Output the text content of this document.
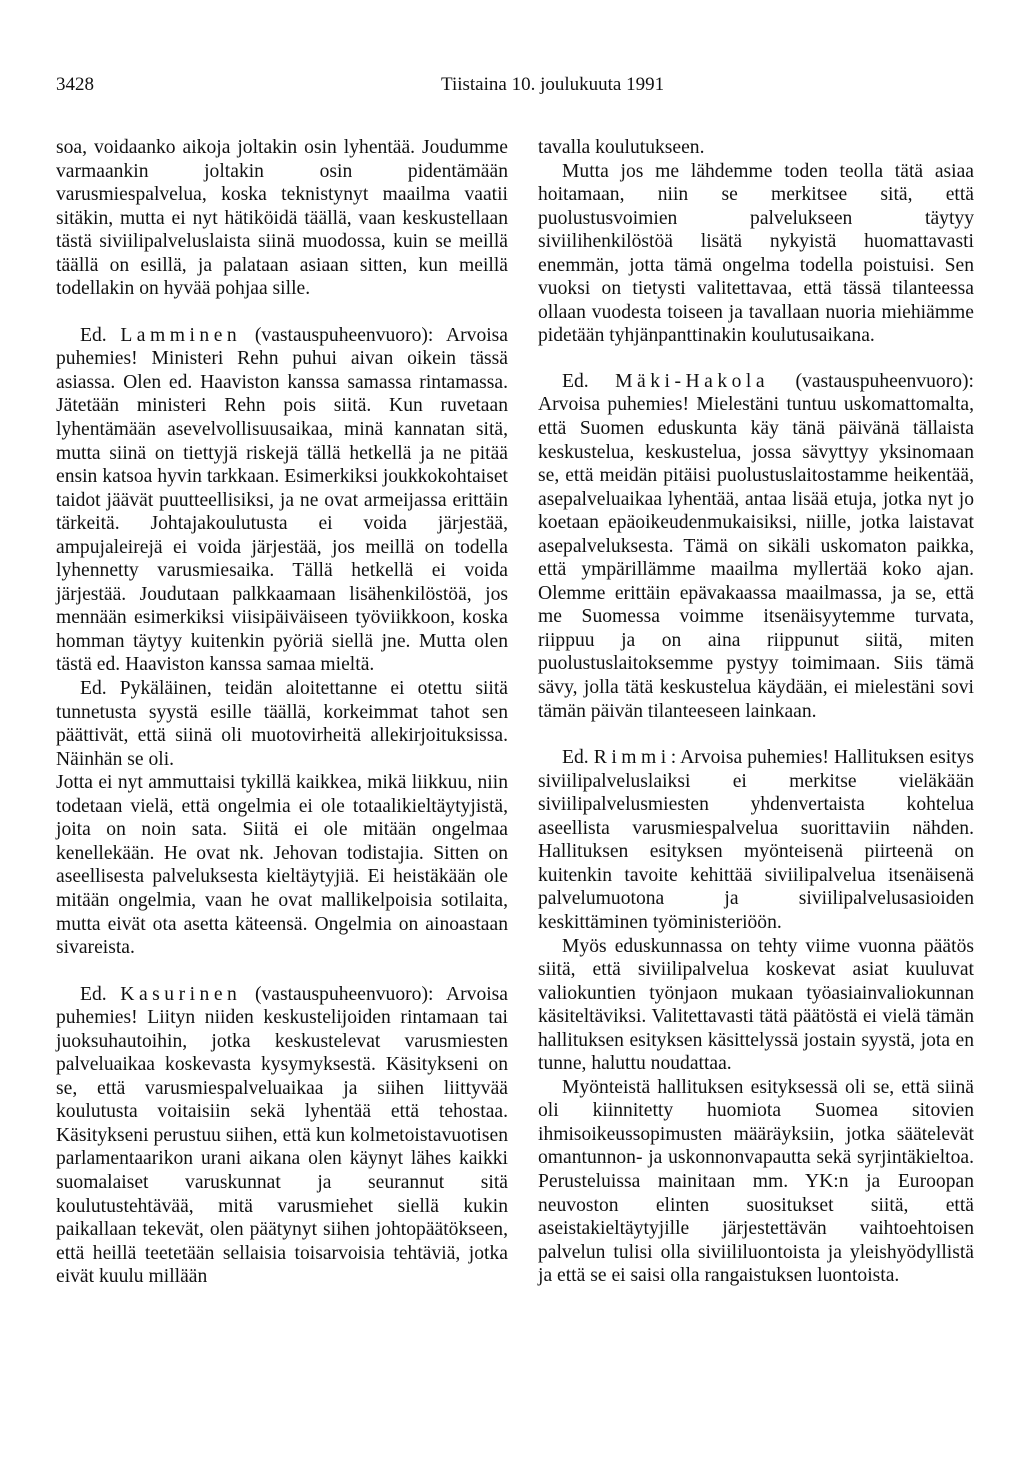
3428	Tiistaina 10. joulukuuta 1991

soa, voidaanko aikoja joltakin osin lyhentää. Joudumme varmaankin joltakin osin pidentämään varusmiespalvelua, koska teknistynyt maailma vaatii sitäkin, mutta ei nyt hätiköidä täällä, vaan keskustellaan tästä siviilipalveluslaista siinä muodossa, kuin se meillä täällä on esillä, ja palataan asiaan sitten, kun meillä todellakin on hyvää pohjaa sille.

Ed. Lamminen (vastauspuheenvuoro): Arvoisa puhemies! Ministeri Rehn puhui aivan oikein tässä asiassa. Olen ed. Haaviston kanssa samassa rintamassa. Jätetään ministeri Rehn pois siitä. Kun ruvetaan lyhentämään asevelvollisuusaikaa, minä kannatan sitä, mutta siinä on tiettyjä riskejä tällä hetkellä ja ne pitää ensin katsoa hyvin tarkkaan. Esimerkiksi joukkokohtaiset taidot jäävät puutteellisiksi, ja ne ovat armeijassa erittäin tärkeitä. Johtajakoulutusta ei voida järjestää, ampujaleirejä ei voida järjestää, jos meillä on todella lyhennetty varusmiesaika. Tällä hetkellä ei voida järjestää. Joudutaan palkkaamaan lisähenkilöstöä, jos mennään esimerkiksi viisipäiväiseen työviikkoon, koska homman täytyy kuitenkin pyöriä siellä jne. Mutta olen tästä ed. Haaviston kanssa samaa mieltä.

Ed. Pykäläinen, teidän aloitettanne ei otettu siitä tunnetusta syystä esille täällä, korkeimmat tahot sen päättivät, että siinä oli muotovirheitä allekirjoituksissa. Näinhän se oli.

Jotta ei nyt ammuttaisi tykillä kaikkea, mikä liikkuu, niin todetaan vielä, että ongelmia ei ole totaalikieltäytyjistä, joita on noin sata. Siitä ei ole mitään ongelmaa kenellekään. He ovat nk. Jehovan todistajia. Sitten on aseellisesta palveluksesta kieltäytyjiä. Ei heistäkään ole mitään ongelmia, vaan he ovat mallikelpoisia sotilaita, mutta eivät ota asetta käteensä. Ongelmia on ainoastaan sivareista.

Ed. Kasurinen (vastauspuheenvuoro): Arvoisa puhemies! Liityn niiden keskustelijoiden rintamaan tai juoksuhautoihin, jotka keskustelevat varusmiesten palveluaikaa koskevasta kysymyksestä. Käsitykseni on se, että varusmiespalveluaikaa ja siihen liittyvää koulutusta voitaisiin sekä lyhentää että tehostaa. Käsitykseni perustuu siihen, että kun kolmetoistavuotisen parlamentaarikon urani aikana olen käynyt lähes kaikki suomalaiset varuskunnat ja seurannut sitä koulutustehtävää, mitä varusmiehet siellä kukin paikallaan tekevät, olen päätynyt siihen johtopäätökseen, että heillä teetetään sellaisia toisarvoisia tehtäviä, jotka eivät kuulu millään

tavalla koulutukseen.

Mutta jos me lähdemme toden teolla tätä asiaa hoitamaan, niin se merkitsee sitä, että puolustusvoimien palvelukseen täytyy siviilihenkilöstöä lisätä nykyistä huomattavasti enemmän, jotta tämä ongelma todella poistuisi. Sen vuoksi on tietysti valitettavaa, että tässä tilanteessa ollaan vuodesta toiseen ja tavallaan nuoria miehiämme pidetään tyhjänpanttinakin koulutusaikana.

Ed. Mäki-Hakola (vastauspuheenvuoro): Arvoisa puhemies! Mielestäni tuntuu uskomattomalta, että Suomen eduskunta käy tänä päivänä tällaista keskustelua, keskustelua, jossa sävyttyy yksinomaan se, että meidän pitäisi puolustuslaitostamme heikentää, asepalveluaikaa lyhentää, antaa lisää etuja, jotka nyt jo koetaan epäoikeudenmukaisiksi, niille, jotka laistavat asepalveluksesta. Tämä on sikäli uskomaton paikka, että ympärillämme maailma myllertää koko ajan. Olemme erittäin epävakaassa maailmassa, ja se, että me Suomessa voimme itsenäisyytemme turvata, riippuu ja on aina riippunut siitä, miten puolustuslaitoksemme pystyy toimimaan. Siis tämä sävy, jolla tätä keskustelua käydään, ei mielestäni sovi tämän päivän tilanteeseen lainkaan.

Ed. Rimmi: Arvoisa puhemies! Hallituksen esitys siviilipalveluslaiksi ei merkitse vieläkään siviilipalvelusmiesten yhdenvertaista kohtelua aseellista varusmiespalvelua suorittaviin nähden. Hallituksen esityksen myönteisenä piirteenä on kuitenkin tavoite kehittää siviilipalvelua itsenäisenä palvelumuotona ja siviilipalvelusasioiden keskittäminen työministeriöön.

Myös eduskunnassa on tehty viime vuonna päätös siitä, että siviilipalvelua koskevat asiat kuuluvat valiokuntien työnjaon mukaan työasiainvaliokunnan käsiteltäviksi. Valitettavasti tätä päätöstä ei vielä tämän hallituksen esityksen käsittelyssä jostain syystä, jota en tunne, haluttu noudattaa.

Myönteistä hallituksen esityksessä oli se, että siinä oli kiinnitetty huomiota Suomea sitovien ihmisoikeussopimusten määräyksiin, jotka säätelevät omantunnon- ja uskonnonvapautta sekä syrjintäkieltoa. Perusteluissa mainitaan mm. YK:n ja Euroopan neuvoston elinten suositukset siitä, että aseistakieltäytyjille järjestettävän vaihtoehtoisen palvelun tulisi olla siviililuontoista ja yleishyödyllistä ja että se ei saisi olla rangaistuksen luontoista.
